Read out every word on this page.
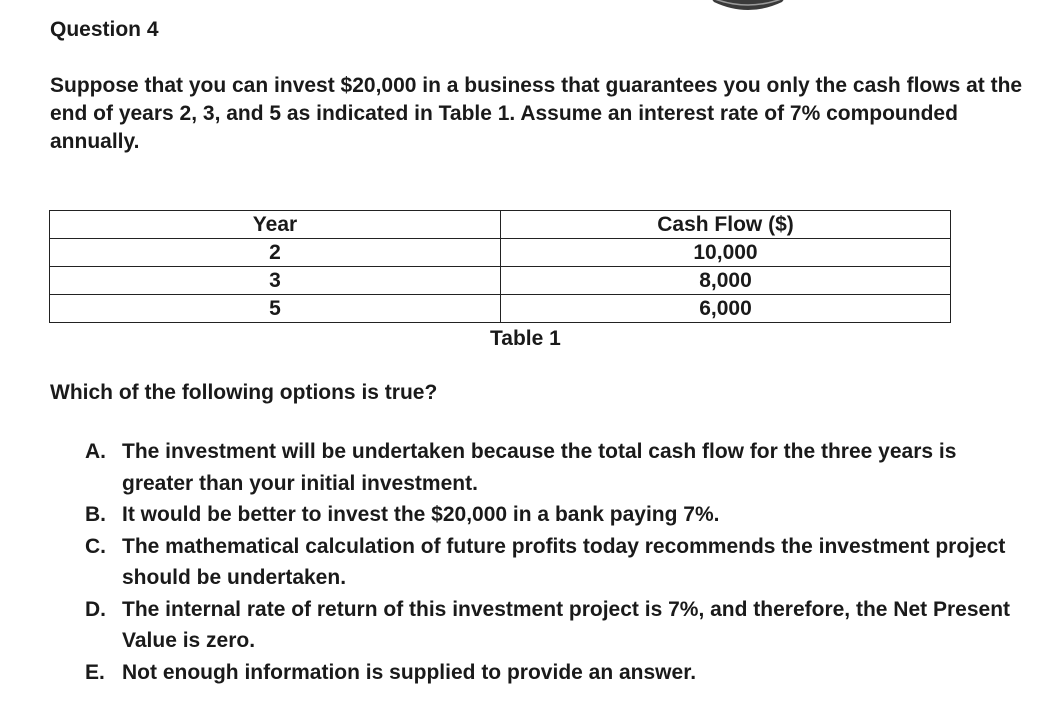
Question 4

Suppose that you can invest $20,000 in a business that guarantees you only the cash flows at the end of years 2, 3, and 5 as indicated in Table 1. Assume an interest rate of 7% compounded annually.

Year	Cash Flow ($)
2	10,000
3	8,000
5	6,000

Table 1

Which of the following options is true?

A. The investment will be undertaken because the total cash flow for the three years is greater than your initial investment.
B. It would be better to invest the $20,000 in a bank paying 7%.
C. The mathematical calculation of future profits today recommends the investment project should be undertaken.
D. The internal rate of return of this investment project is 7%, and therefore, the Net Present Value is zero.
E. Not enough information is supplied to provide an answer.
